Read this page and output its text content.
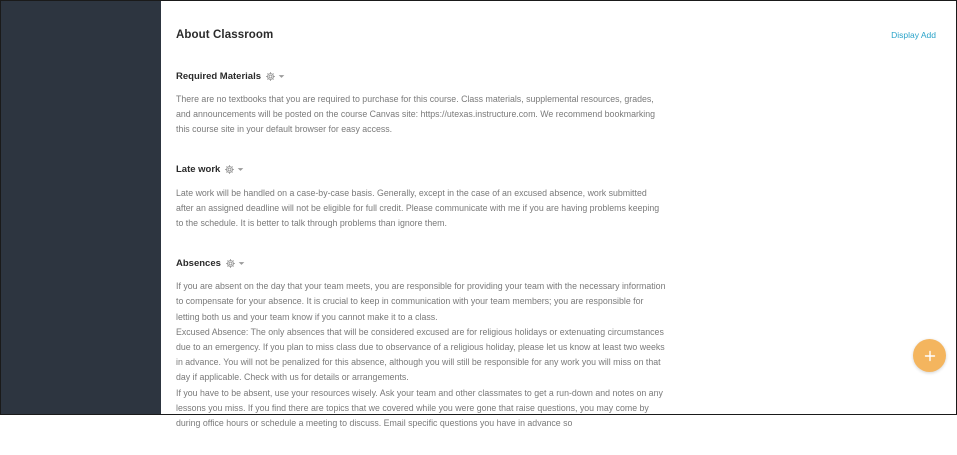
About Classroom	Display Add
Required Materials

There are no textbooks that you are required to purchase for this course. Class materials, supplemental resources, grades, and announcements will be posted on the course Canvas site: https://utexas.instructure.com. We recommend bookmarking this course site in your default browser for easy access.

Late work

Late work will be handled on a case-by-case basis. Generally, except in the case of an excused absence, work submitted after an assigned deadline will not be eligible for full credit. Please communicate with me if you are having problems keeping to the schedule. It is better to talk through problems than ignore them.

Absences

If you are absent on the day that your team meets, you are responsible for providing your team with the necessary information to compensate for your absence. It is crucial to keep in communication with your team members; you are responsible for letting both us and your team know if you cannot make it to a class.

Excused Absence: The only absences that will be considered excused are for religious holidays or extenuating circumstances due to an emergency. If you plan to miss class due to observance of a religious holiday, please let us know at least two weeks in advance. You will not be penalized for this absence, although you will still be responsible for any work you will miss on that day if applicable. Check with us for details or arrangements.

If you have to be absent, use your resources wisely. Ask your team and other classmates to get a run-down and notes on any lessons you miss. If you find there are topics that we covered while you were gone that raise questions, you may come by during office hours or schedule a meeting to discuss. Email specific questions you have in advance so
